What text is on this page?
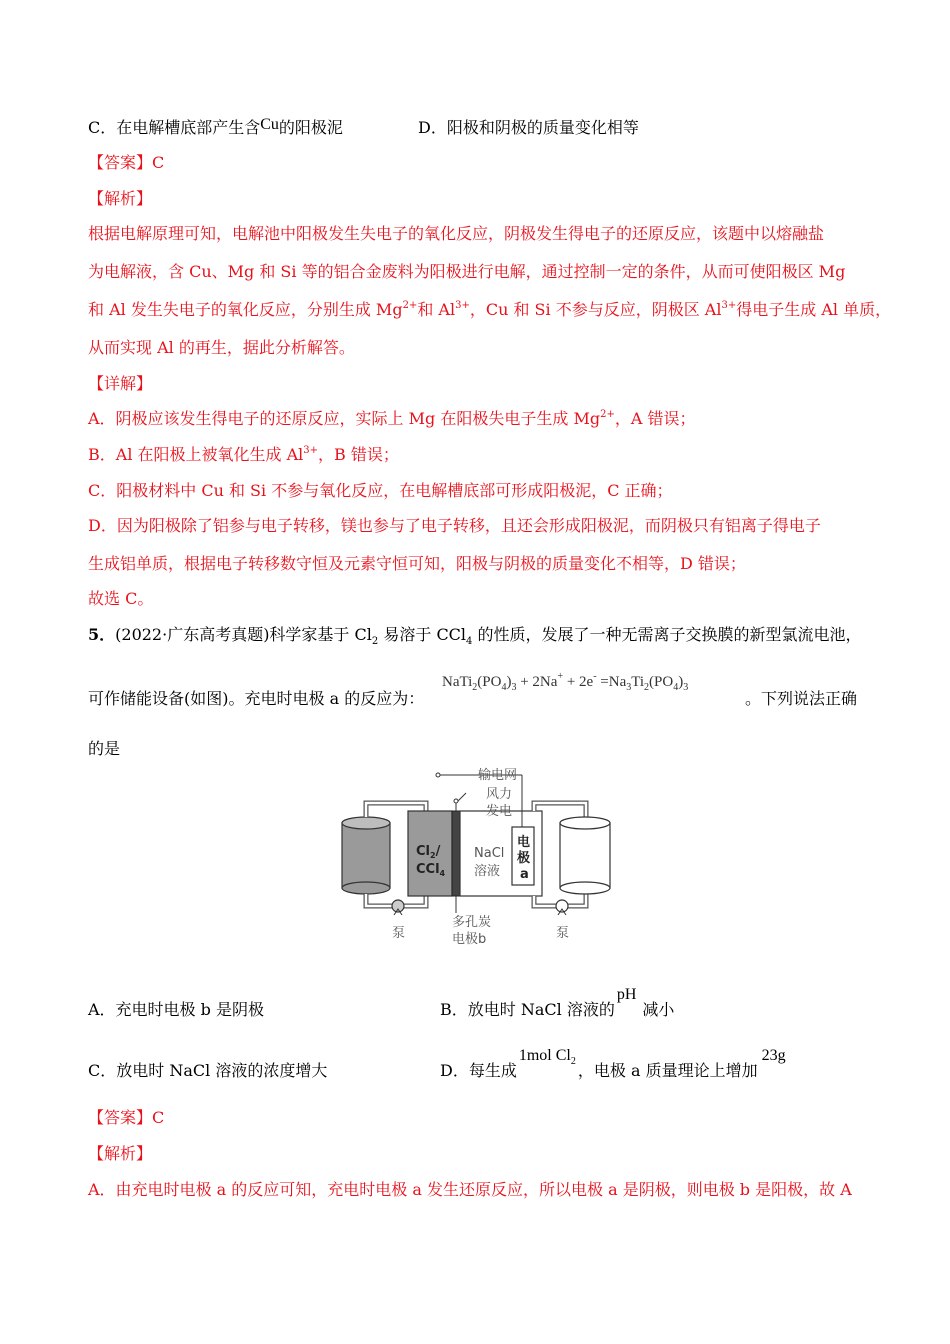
C．在电解槽底部产生含Cu的阳极泥	D．阳极和阴极的质量变化相等
【答案】C
【解析】
根据电解原理可知，电解池中阳极发生失电子的氧化反应，阴极发生得电子的还原反应，该题中以熔融盐
为电解液，含 Cu、Mg 和 Si 等的铝合金废料为阳极进行电解，通过控制一定的条件，从而可使阳极区 Mg
和 Al 发生失电子的氧化反应，分别生成 $Mg^{2+}$和 $Al^{3+}$，Cu 和 Si 不参与反应，阴极区 $Al^{3+}$得电子生成 Al 单质，
从而实现 Al 的再生，据此分析解答。
【详解】
A．阴极应该发生得电子的还原反应，实际上 Mg 在阳极失电子生成 $Mg^{2+}$，A 错误；
B．Al 在阳极上被氧化生成 $Al^{3+}$，B 错误；
C．阳极材料中 Cu 和 Si 不参与氧化反应，在电解槽底部可形成阳极泥，C 正确；
D．因为阳极除了铝参与电子转移，镁也参与了电子转移，且还会形成阳极泥，而阴极只有铝离子得电子
生成铝单质，根据电子转移数守恒及元素守恒可知，阳极与阴极的质量变化不相等，D 错误；
故选 C。
5．(2022·广东高考真题)科学家基于 $Cl_2$ 易溶于 CCl$_4$ 的性质，发展了一种无需离子交换膜的新型氯流电池，
可作储能设备(如图)。充电时电极 a 的反应为：
$NaTi_2(PO_4)_3 + 2Na^+ + 2e^- =Na_3Ti_2(PO_4)_3$
。下列说法正确
的是
输电网
风力
发电
$Cl_2/$
CCl$_4$
NaCl
溶液
电
极
a
泵	泵
多孔炭
电极b
A．充电时电极 b 是阴极	B．放电时 NaCl 溶液的pH减小
C．放电时 NaCl 溶液的浓度增大	D．每生成1mol $Cl_2$ ，电极 a 质量理论上增加23g
【答案】C
【解析】
A．由充电时电极 a 的反应可知，充电时电极 a 发生还原反应，所以电极 a 是阴极，则电极 b 是阳极，故 A
